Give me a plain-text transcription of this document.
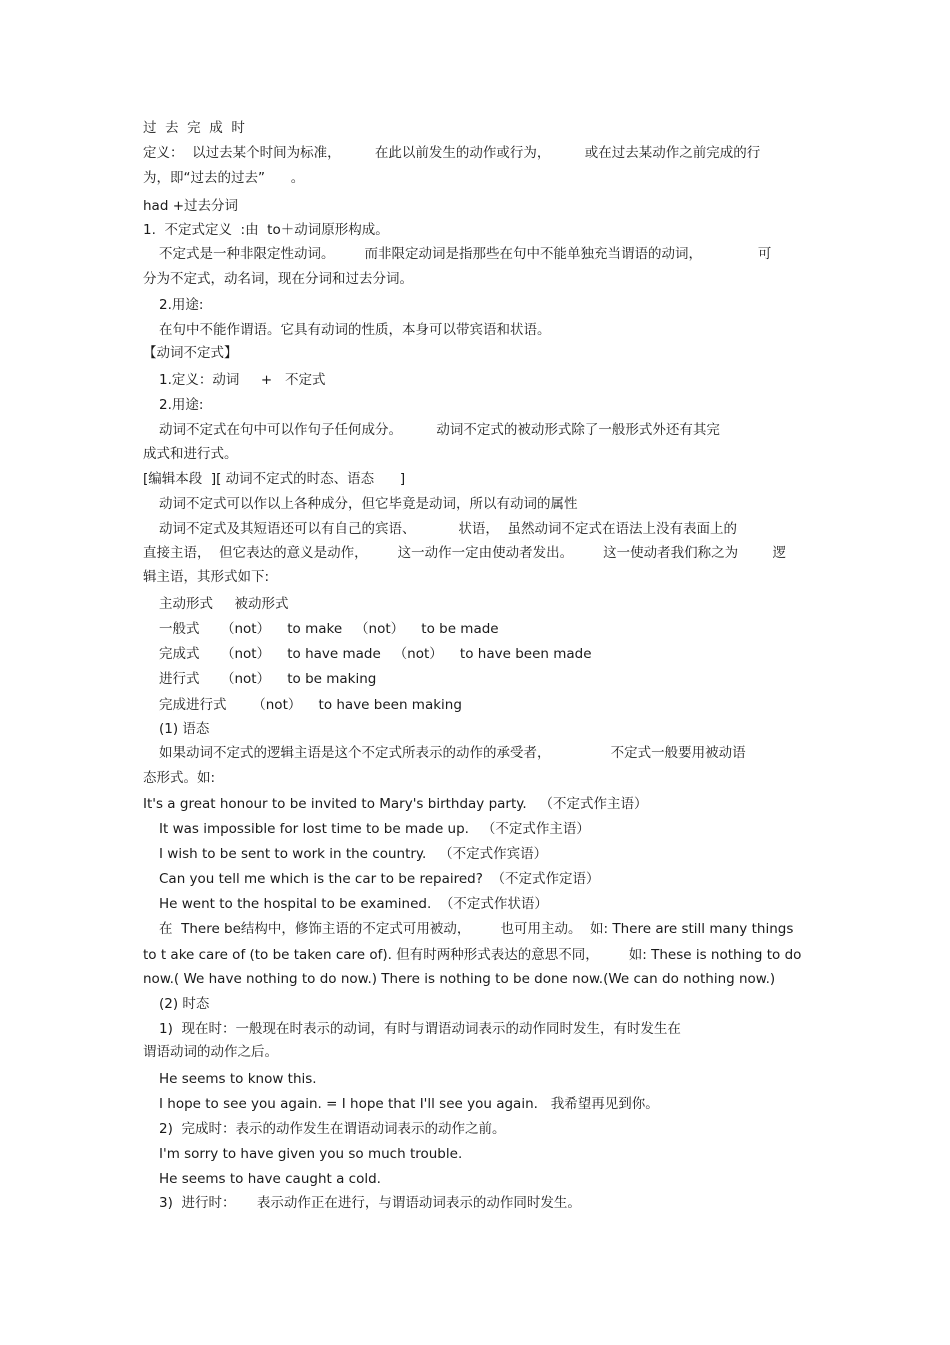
过  去  完  成  时
定义：  以过去某个时间为标准，        在此以前发生的动作或行为，        或在过去某动作之前完成的行
为，即“过去的过去”      。
had +过去分词
1.  不定式定义  :由  to＋动词原形构成。
不定式是一种非限定性动词。       而非限定动词是指那些在句中不能单独充当谓语的动词，             可
分为不定式，动名词，现在分词和过去分词。
2.用途:
在句中不能作谓语。它具有动词的性质，本身可以带宾语和状语。
【动词不定式】
1.定义：动词     +   不定式
2.用途:
动词不定式在句中可以作句子任何成分。        动词不定式的被动形式除了一般形式外还有其完
成式和进行式。
[编辑本段  ][ 动词不定式的时态、语态      ]
动词不定式可以作以上各种成分，但它毕竟是动词，所以有动词的属性
动词不定式及其短语还可以有自己的宾语、          状语，  虽然动词不定式在语法上没有表面上的
直接主语，  但它表达的意义是动作，       这一动作一定由使动者发出。       这一使动者我们称之为        逻
辑主语，其形式如下:
主动形式     被动形式
一般式     （not）    to make   （not）    to be made
完成式     （not）    to have made   （not）    to have been made
进行式     （not）    to be making
完成进行式      （not）    to have been making
(1) 语态
如果动词不定式的逻辑主语是这个不定式所表示的动作的承受者，              不定式一般要用被动语
态形式。如:
It's a great honour to be invited to Mary's birthday party.   （不定式作主语）
It was impossible for lost time to be made up.   （不定式作主语）
I wish to be sent to work in the country.   （不定式作宾语）
Can you tell me which is the car to be repaired?  （不定式作定语）
He went to the hospital to be examined.  （不定式作状语）
在  There be结构中，修饰主语的不定式可用被动，       也可用主动。  如: There are still many things
to t ake care of (to be taken care of). 但有时两种形式表达的意思不同，       如: These is nothing to do
now.( We have nothing to do now.) There is nothing to be done now.(We can do nothing now.)
(2) 时态
1)  现在时：一般现在时表示的动词，有时与谓语动词表示的动作同时发生，有时发生在
谓语动词的动作之后。
He seems to know this.
I hope to see you again. = I hope that I'll see you again.   我希望再见到你。
2)  完成时：表示的动作发生在谓语动词表示的动作之前。
I'm sorry to have given you so much trouble.
He seems to have caught a cold.
3)  进行时：     表示动作正在进行，与谓语动词表示的动作同时发生。
